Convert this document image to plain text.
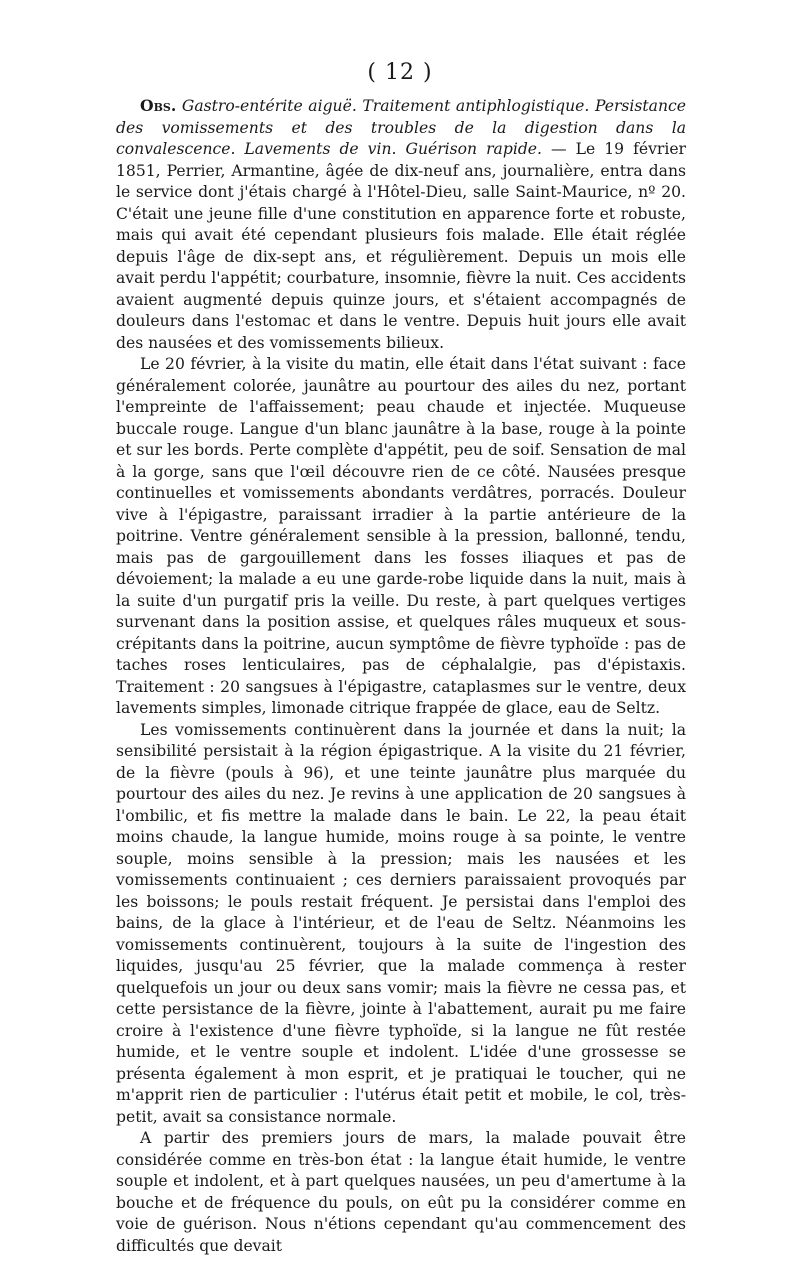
( 12 )

Obs. Gastro-entérite aiguë. Traitement antiphlogistique. Persistance des vomissements et des troubles de la digestion dans la convalescence. Lavements de vin. Guérison rapide. — Le 19 février 1851, Perrier, Armantine, âgée de dix-neuf ans, journalière, entra dans le service dont j'étais chargé à l'Hôtel-Dieu, salle Saint-Maurice, nº 20. C'était une jeune fille d'une constitution en apparence forte et robuste, mais qui avait été cependant plusieurs fois malade. Elle était réglée depuis l'âge de dix-sept ans, et régulièrement. Depuis un mois elle avait perdu l'appétit; courbature, insomnie, fièvre la nuit. Ces accidents avaient augmenté depuis quinze jours, et s'étaient accompagnés de douleurs dans l'estomac et dans le ventre. Depuis huit jours elle avait des nausées et des vomissements bilieux.

Le 20 février, à la visite du matin, elle était dans l'état suivant : face généralement colorée, jaunâtre au pourtour des ailes du nez, portant l'empreinte de l'affaissement; peau chaude et injectée. Muqueuse buccale rouge. Langue d'un blanc jaunâtre à la base, rouge à la pointe et sur les bords. Perte complète d'appétit, peu de soif. Sensation de mal à la gorge, sans que l'œil découvre rien de ce côté. Nausées presque continuelles et vomissements abondants verdâtres, porracés. Douleur vive à l'épigastre, paraissant irradier à la partie antérieure de la poitrine. Ventre généralement sensible à la pression, ballonné, tendu, mais pas de gargouillement dans les fosses iliaques et pas de dévoiement; la malade a eu une garde-robe liquide dans la nuit, mais à la suite d'un purgatif pris la veille. Du reste, à part quelques vertiges survenant dans la position assise, et quelques râles muqueux et sous-crépitants dans la poitrine, aucun symptôme de fièvre typhoïde : pas de taches roses lenticulaires, pas de céphalalgie, pas d'épistaxis. Traitement : 20 sangsues à l'épigastre, cataplasmes sur le ventre, deux lavements simples, limonade citrique frappée de glace, eau de Seltz.

Les vomissements continuèrent dans la journée et dans la nuit; la sensibilité persistait à la région épigastrique. A la visite du 21 février, de la fièvre (pouls à 96), et une teinte jaunâtre plus marquée du pourtour des ailes du nez. Je revins à une application de 20 sangsues à l'ombilic, et fis mettre la malade dans le bain. Le 22, la peau était moins chaude, la langue humide, moins rouge à sa pointe, le ventre souple, moins sensible à la pression; mais les nausées et les vomissements continuaient ; ces derniers paraissaient provoqués par les boissons; le pouls restait fréquent. Je persistai dans l'emploi des bains, de la glace à l'intérieur, et de l'eau de Seltz. Néanmoins les vomissements continuèrent, toujours à la suite de l'ingestion des liquides, jusqu'au 25 février, que la malade commença à rester quelquefois un jour ou deux sans vomir; mais la fièvre ne cessa pas, et cette persistance de la fièvre, jointe à l'abattement, aurait pu me faire croire à l'existence d'une fièvre typhoïde, si la langue ne fût restée humide, et le ventre souple et indolent. L'idée d'une grossesse se présenta également à mon esprit, et je pratiquai le toucher, qui ne m'apprit rien de particulier : l'utérus était petit et mobile, le col, très-petit, avait sa consistance normale.

A partir des premiers jours de mars, la malade pouvait être considérée comme en très-bon état : la langue était humide, le ventre souple et indolent, et à part quelques nausées, un peu d'amertume à la bouche et de fréquence du pouls, on eût pu la considérer comme en voie de guérison. Nous n'étions cependant qu'au commencement des difficultés que devait
